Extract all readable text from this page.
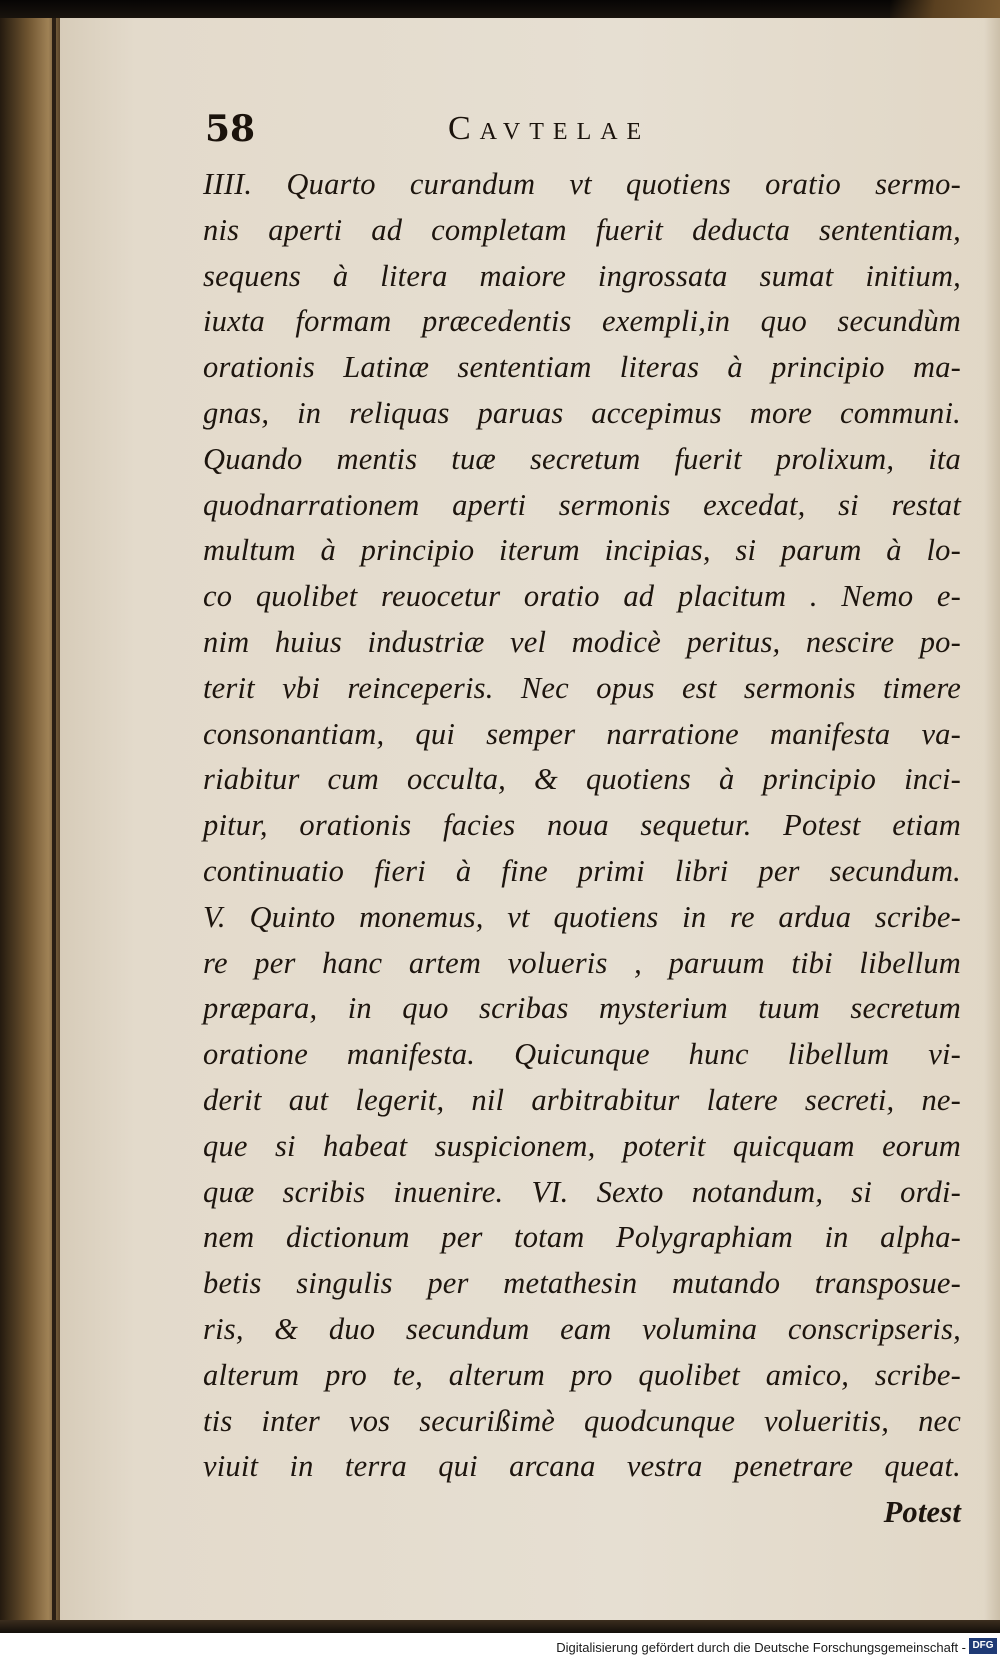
58	Cavtelae
IIII. Quarto curandum vt quotiens oratio sermo-
nis aperti ad completam fuerit deducta sententiam,
sequens à litera maiore ingrossata sumat initium,
iuxta formam præcedentis exempli,in quo secundùm
orationis Latinæ sententiam literas à principio ma-
gnas, in reliquas paruas accepimus more communi.
Quando mentis tuæ secretum fuerit prolixum, ita
quodnarrationem aperti sermonis excedat, si restat
multum à principio iterum incipias, si parum à lo-
co quolibet reuocetur oratio ad placitum . Nemo e-
nim huius industriæ vel modicè peritus, nescire po-
terit vbi reinceperis. Nec opus est sermonis timere
consonantiam, qui semper narratione manifesta va-
riabitur cum occulta, & quotiens à principio inci-
pitur, orationis facies noua sequetur. Potest etiam
continuatio fieri à fine primi libri per secundum.
V. Quinto monemus, vt quotiens in re ardua scribe-
re per hanc artem volueris , paruum tibi libellum
præpara, in quo scribas mysterium tuum secretum
oratione manifesta. Quicunque hunc libellum vi-
derit aut legerit, nil arbitrabitur latere secreti, ne-
que si habeat suspicionem, poterit quicquam eorum
quæ scribis inuenire. VI. Sexto notandum, si ordi-
nem dictionum per totam Polygraphiam in alpha-
betis singulis per metathesin mutando transposue-
ris, & duo secundum eam volumina conscripseris,
alterum pro te, alterum pro quolibet amico, scribe-
tis inter vos securißimè quodcunque volueritis, nec
viuit in terra qui arcana vestra penetrare queat.
Potest
Digitalisierung gefördert durch die Deutsche Forschungsgemeinschaft - DFG
